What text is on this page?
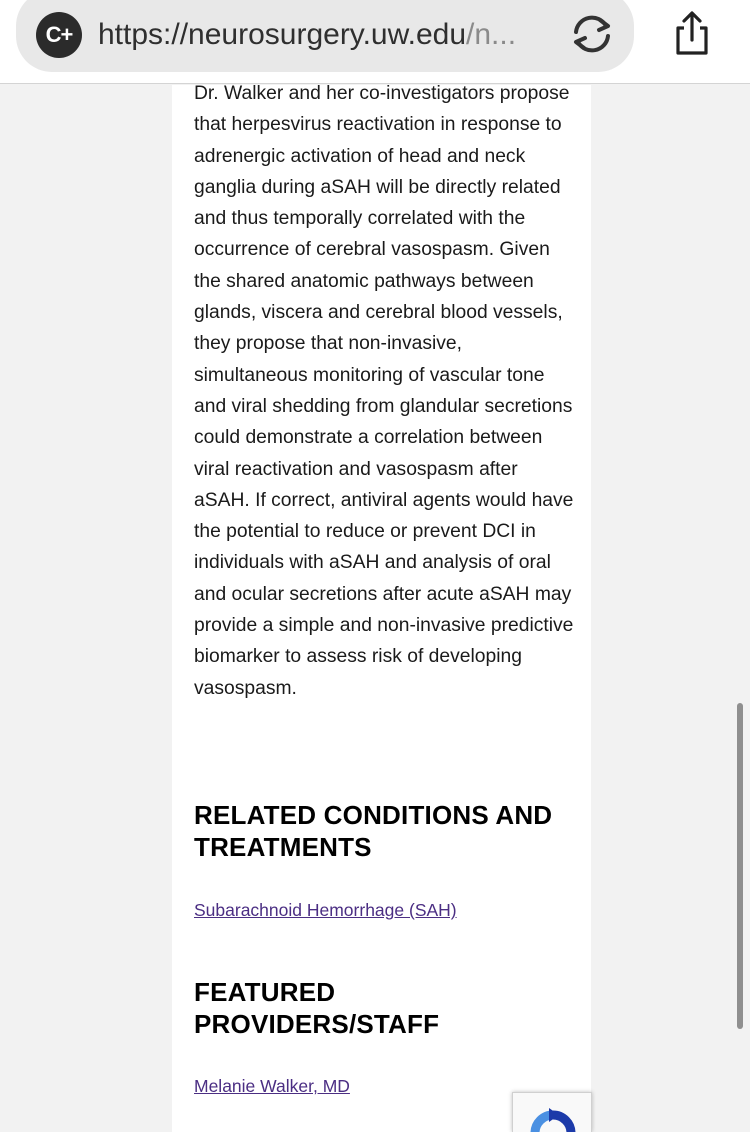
C+ https://neurosurgery.uw.edu/n...

Dr. Walker and her co-investigators propose that herpesvirus reactivation in response to adrenergic activation of head and neck ganglia during aSAH will be directly related and thus temporally correlated with the occurrence of cerebral vasospasm. Given the shared anatomic pathways between glands, viscera and cerebral blood vessels, they propose that non-invasive, simultaneous monitoring of vascular tone and viral shedding from glandular secretions could demonstrate a correlation between viral reactivation and vasospasm after aSAH. If correct, antiviral agents would have the potential to reduce or prevent DCI in individuals with aSAH and analysis of oral and ocular secretions after acute aSAH may provide a simple and non-invasive predictive biomarker to assess risk of developing vasospasm.

RELATED CONDITIONS AND TREATMENTS
Subarachnoid Hemorrhage (SAH)
FEATURED PROVIDERS/STAFF
Melanie Walker, MD
